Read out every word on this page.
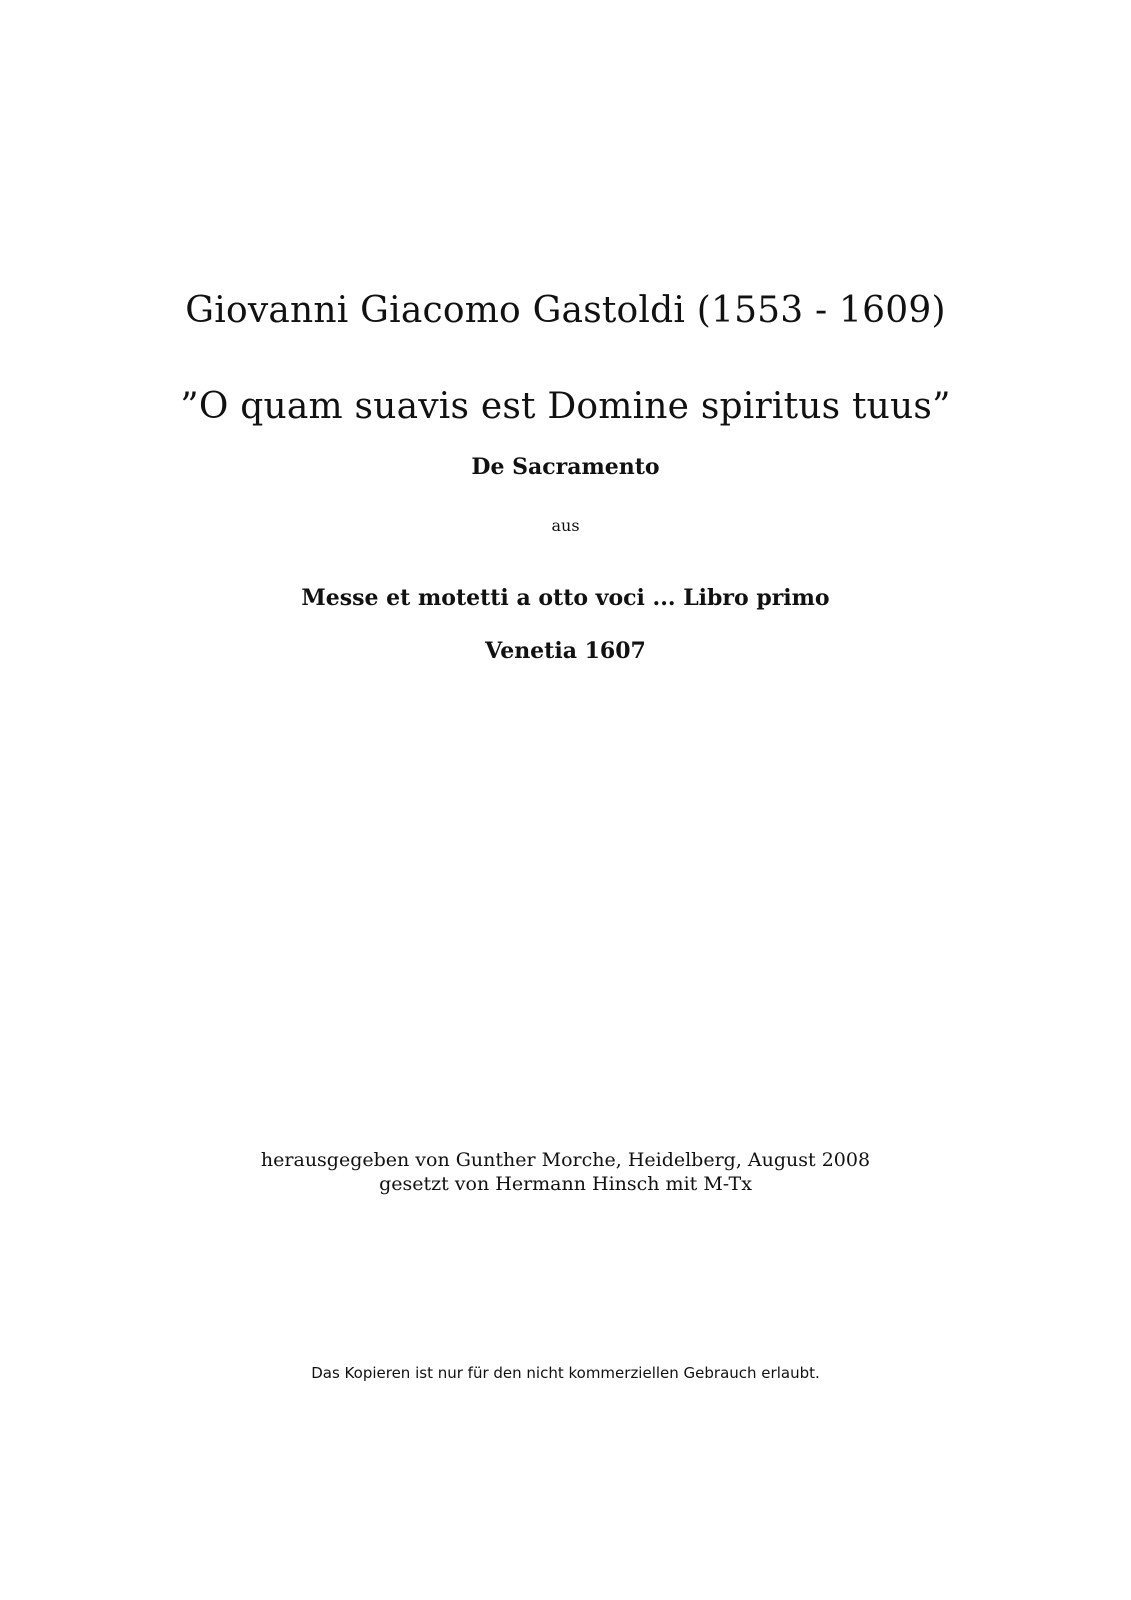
Giovanni Giacomo Gastoldi (1553 - 1609)
”O quam suavis est Domine spiritus tuus”
De Sacramento
aus
Messe et motetti a otto voci ... Libro primo
Venetia 1607
herausgegeben von Gunther Morche, Heidelberg, August 2008
gesetzt von Hermann Hinsch mit M-Tx
Das Kopieren ist nur für den nicht kommerziellen Gebrauch erlaubt.
